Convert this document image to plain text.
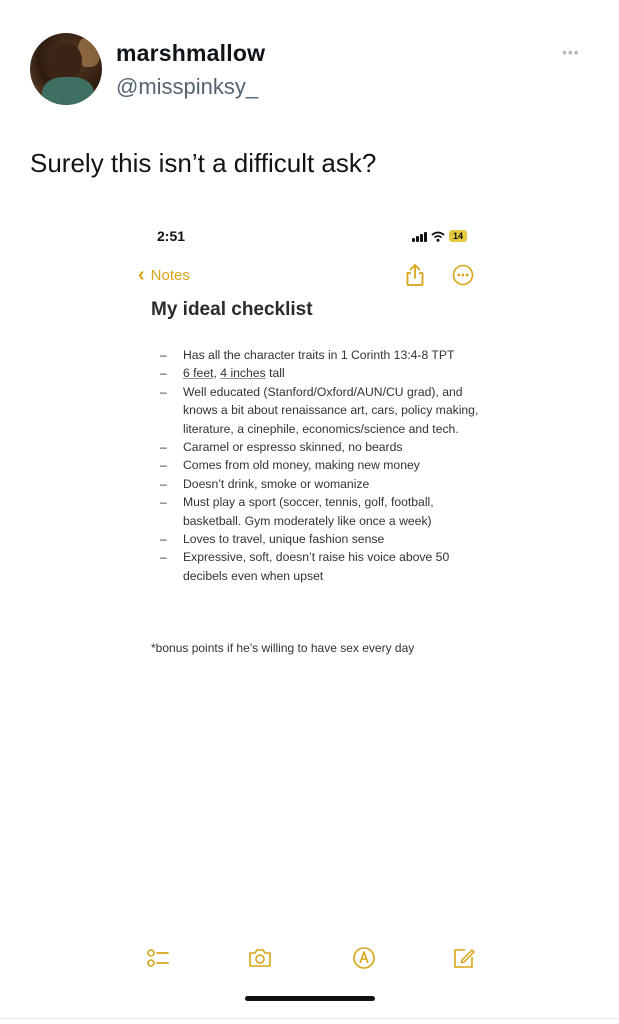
marshmallow
@misspinksy_
•••
Surely this isn’t a difficult ask?
2:51	14
‹ Notes
My ideal checklist
– Has all the character traits in 1 Corinth 13:4-8 TPT
– 6 feet, 4 inches tall
– Well educated (Stanford/Oxford/AUN/CU grad), and knows a bit about renaissance art, cars, policy making, literature, a cinephile, economics/science and tech.
– Caramel or espresso skinned, no beards
– Comes from old money, making new money
– Doesn’t drink, smoke or womanize
– Must play a sport (soccer, tennis, golf, football, basketball. Gym moderately like once a week)
– Loves to travel, unique fashion sense
– Expressive, soft, doesn’t raise his voice above 50 decibels even when upset
*bonus points if he’s willing to have sex every day
